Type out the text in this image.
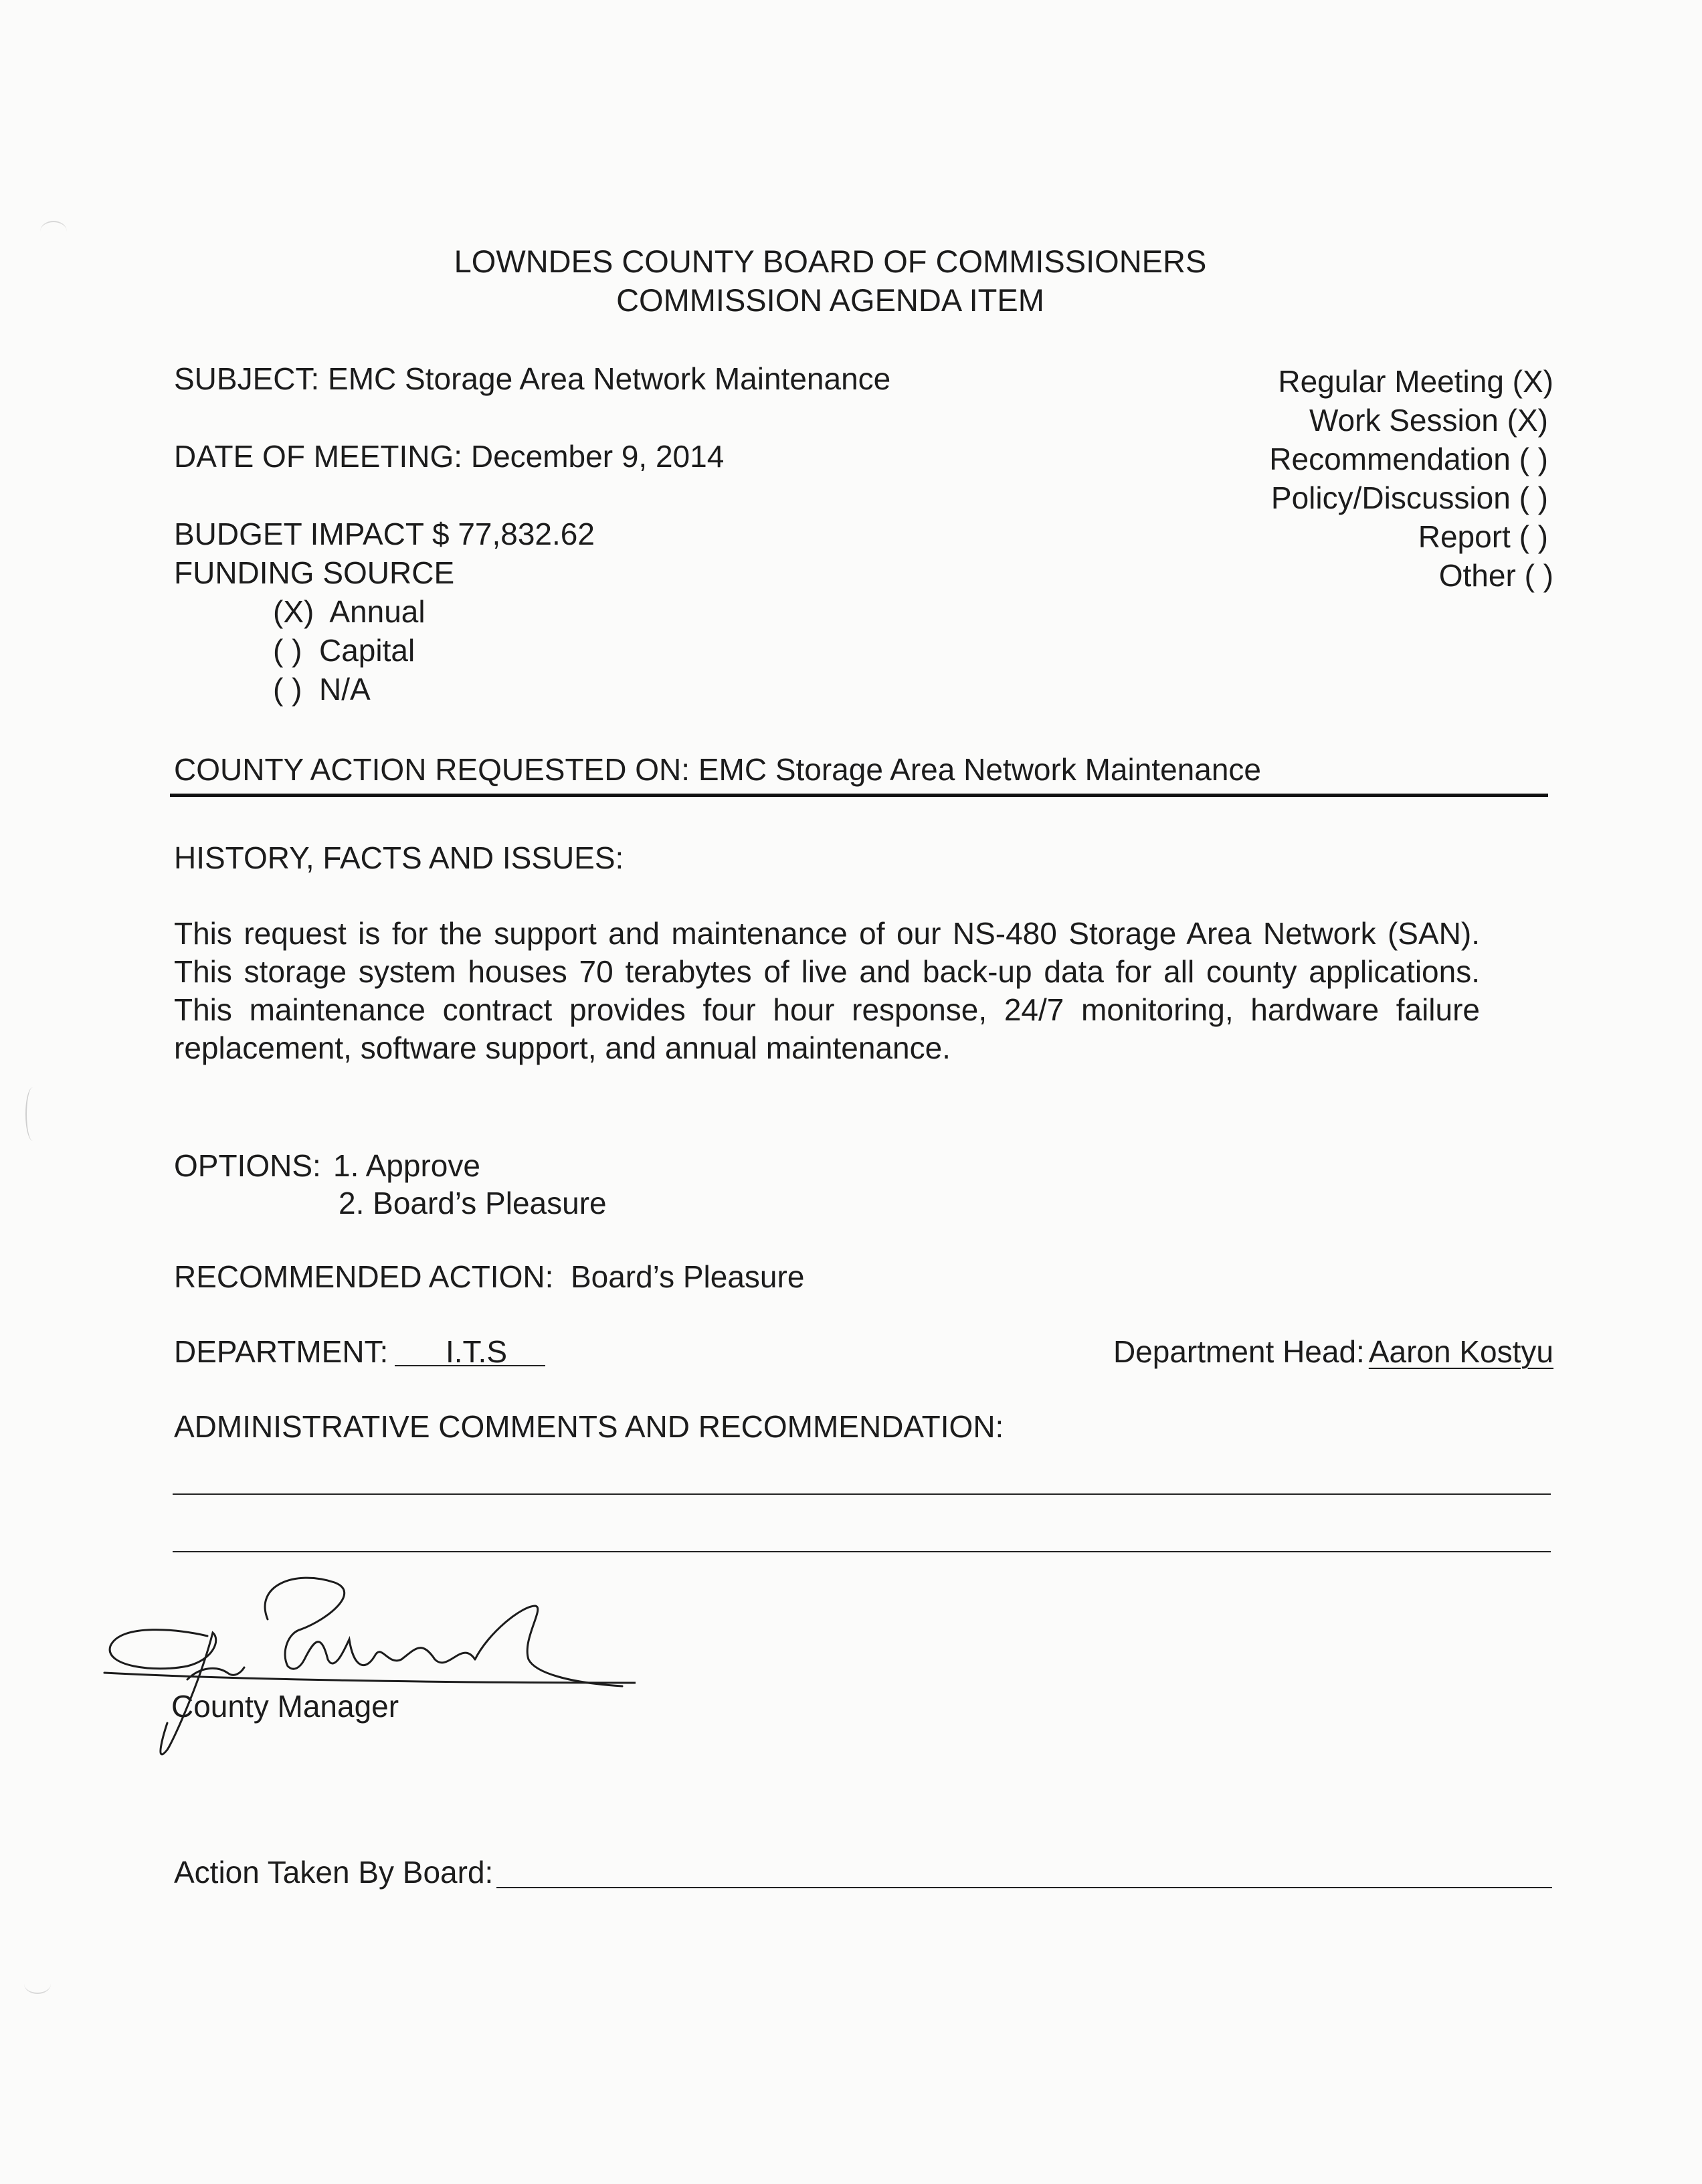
LOWNDES COUNTY BOARD OF COMMISSIONERS
COMMISSION AGENDA ITEM
SUBJECT: EMC Storage Area Network Maintenance
DATE OF MEETING: December 9, 2014
BUDGET IMPACT $ 77,832.62
FUNDING SOURCE
(X) Annual
( ) Capital
( ) N/A
Regular Meeting (X)
Work Session (X)
Recommendation ( )
Policy/Discussion ( )
Report ( )
Other ( )
COUNTY ACTION REQUESTED ON: EMC Storage Area Network Maintenance
HISTORY, FACTS AND ISSUES:
This request is for the support and maintenance of our NS-480 Storage Area Network (SAN). This storage system houses 70 terabytes of live and back-up data for all county applications. This maintenance contract provides four hour response, 24/7 monitoring, hardware failure replacement, software support, and annual maintenance.
OPTIONS: 1. Approve
2. Board’s Pleasure
RECOMMENDED ACTION: Board’s Pleasure
DEPARTMENT: I.T.S	Department Head: Aaron Kostyu
ADMINISTRATIVE COMMENTS AND RECOMMENDATION:
County Manager
Action Taken By Board:
